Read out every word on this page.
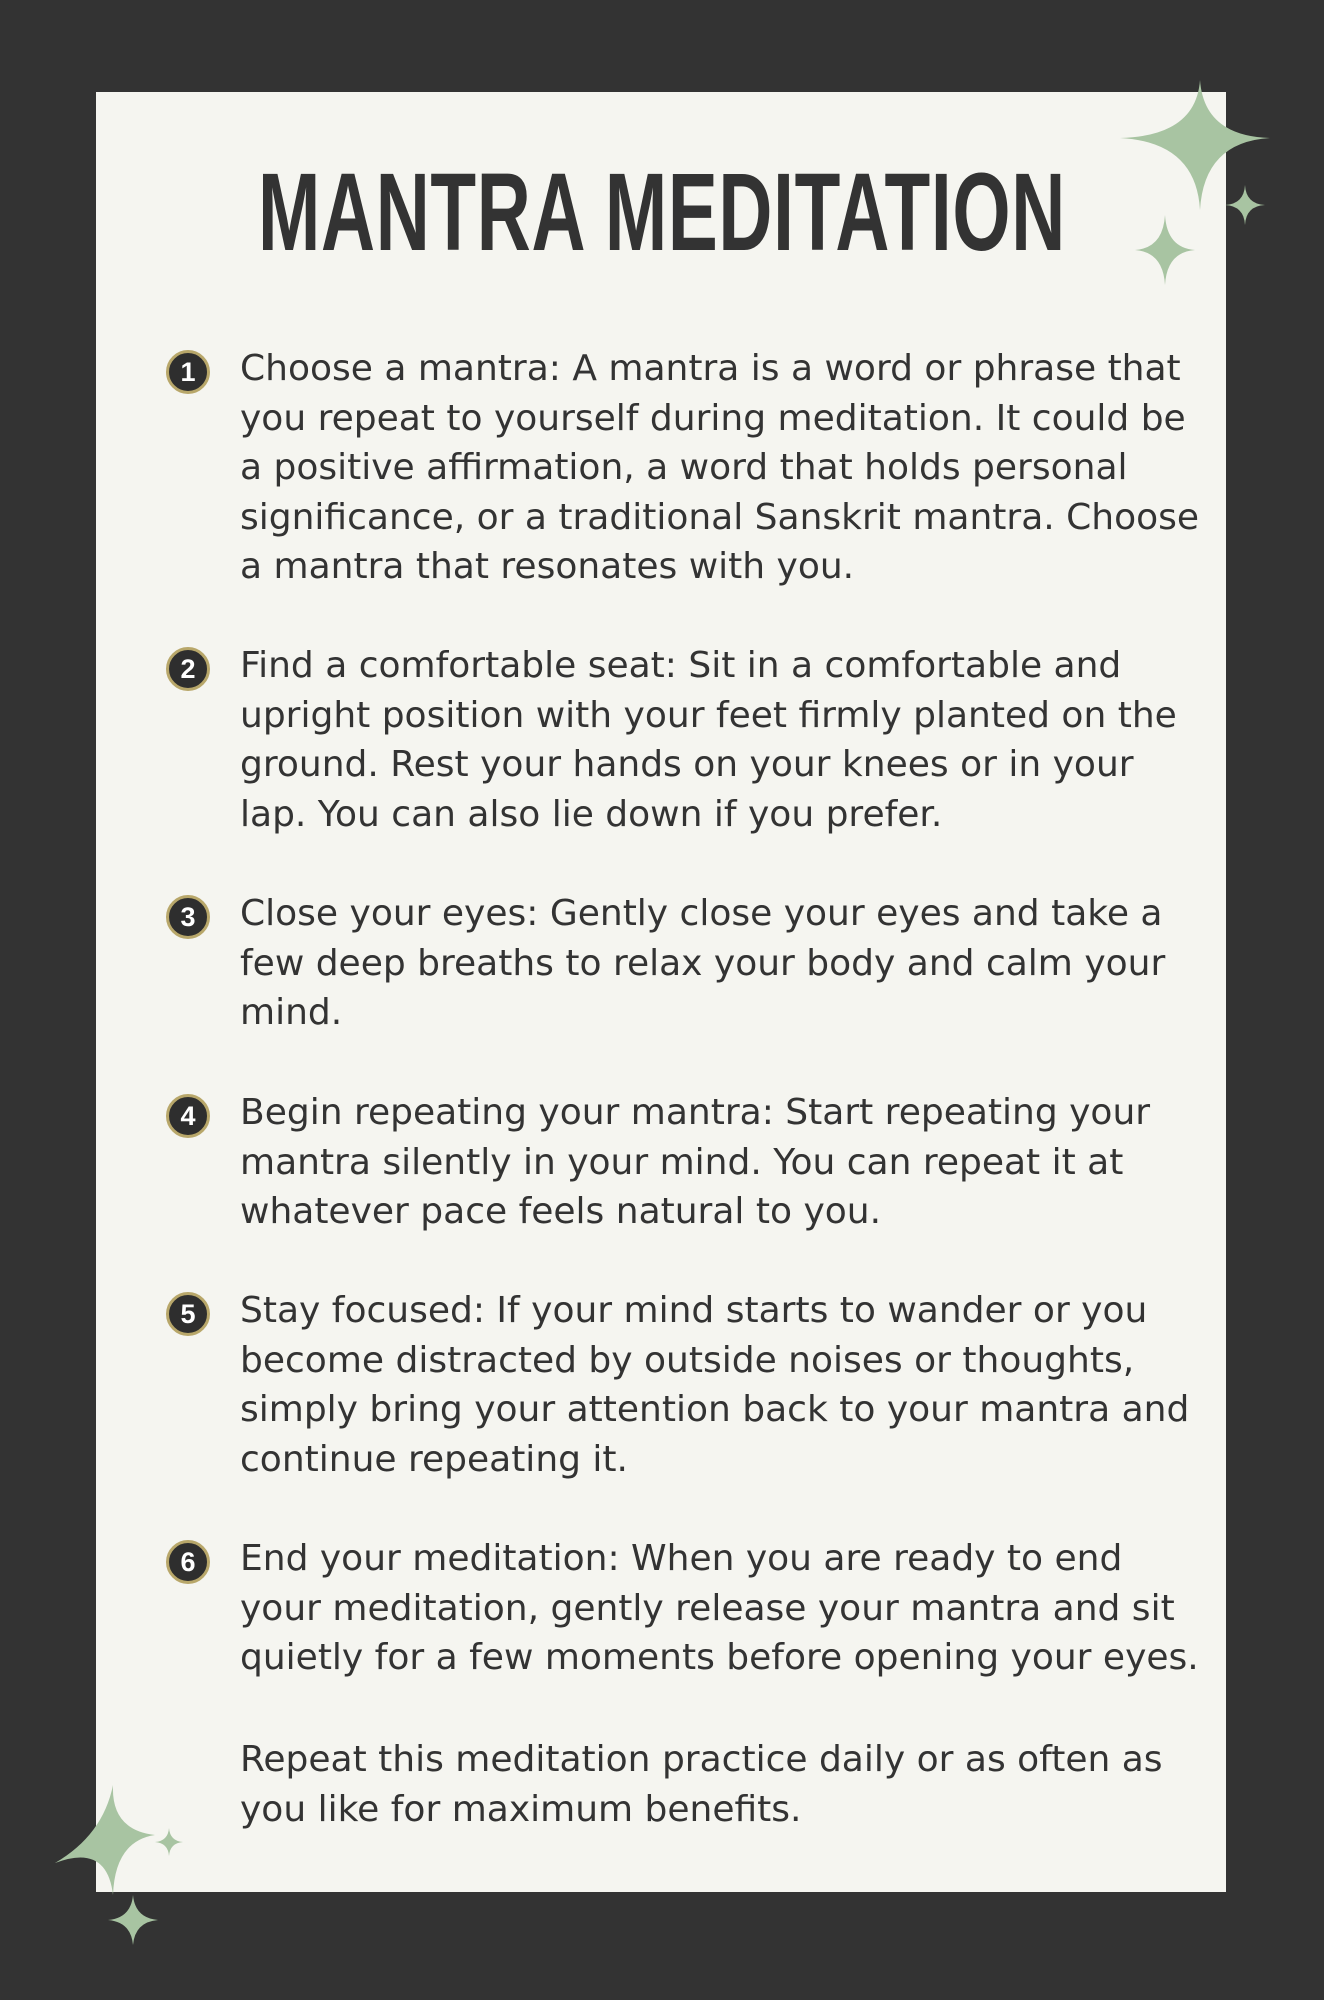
MANTRA MEDITATION
1	Choose a mantra: A mantra is a word or phrase that you repeat to yourself during meditation. It could be a positive affirmation, a word that holds personal significance, or a traditional Sanskrit mantra. Choose a mantra that resonates with you.

2	Find a comfortable seat: Sit in a comfortable and upright position with your feet firmly planted on the ground. Rest your hands on your knees or in your lap. You can also lie down if you prefer.

3	Close your eyes: Gently close your eyes and take a few deep breaths to relax your body and calm your mind.

4	Begin repeating your mantra: Start repeating your mantra silently in your mind. You can repeat it at whatever pace feels natural to you.

5	Stay focused: If your mind starts to wander or you become distracted by outside noises or thoughts, simply bring your attention back to your mantra and continue repeating it.

6	End your meditation: When you are ready to end your meditation, gently release your mantra and sit quietly for a few moments before opening your eyes.

Repeat this meditation practice daily or as often as you like for maximum benefits.
